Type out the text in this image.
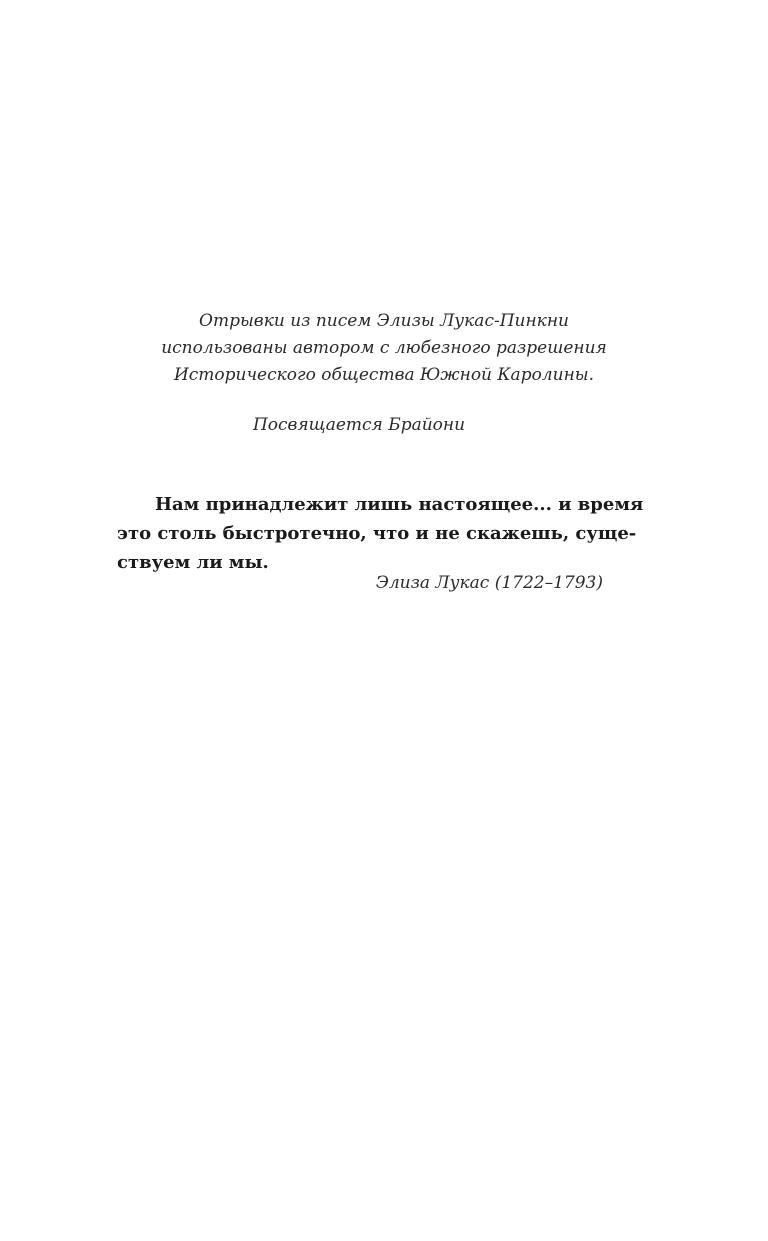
Отрывки из писем Элизы Лукас-Пинкни
использованы автором с любезного разрешения
Исторического общества Южной Каролины.
Посвящается Брайони
Нам принадлежит лишь настоящее... и время
это столь быстротечно, что и не скажешь, суще-
ствуем ли мы.
Элиза Лукас (1722–1793)
